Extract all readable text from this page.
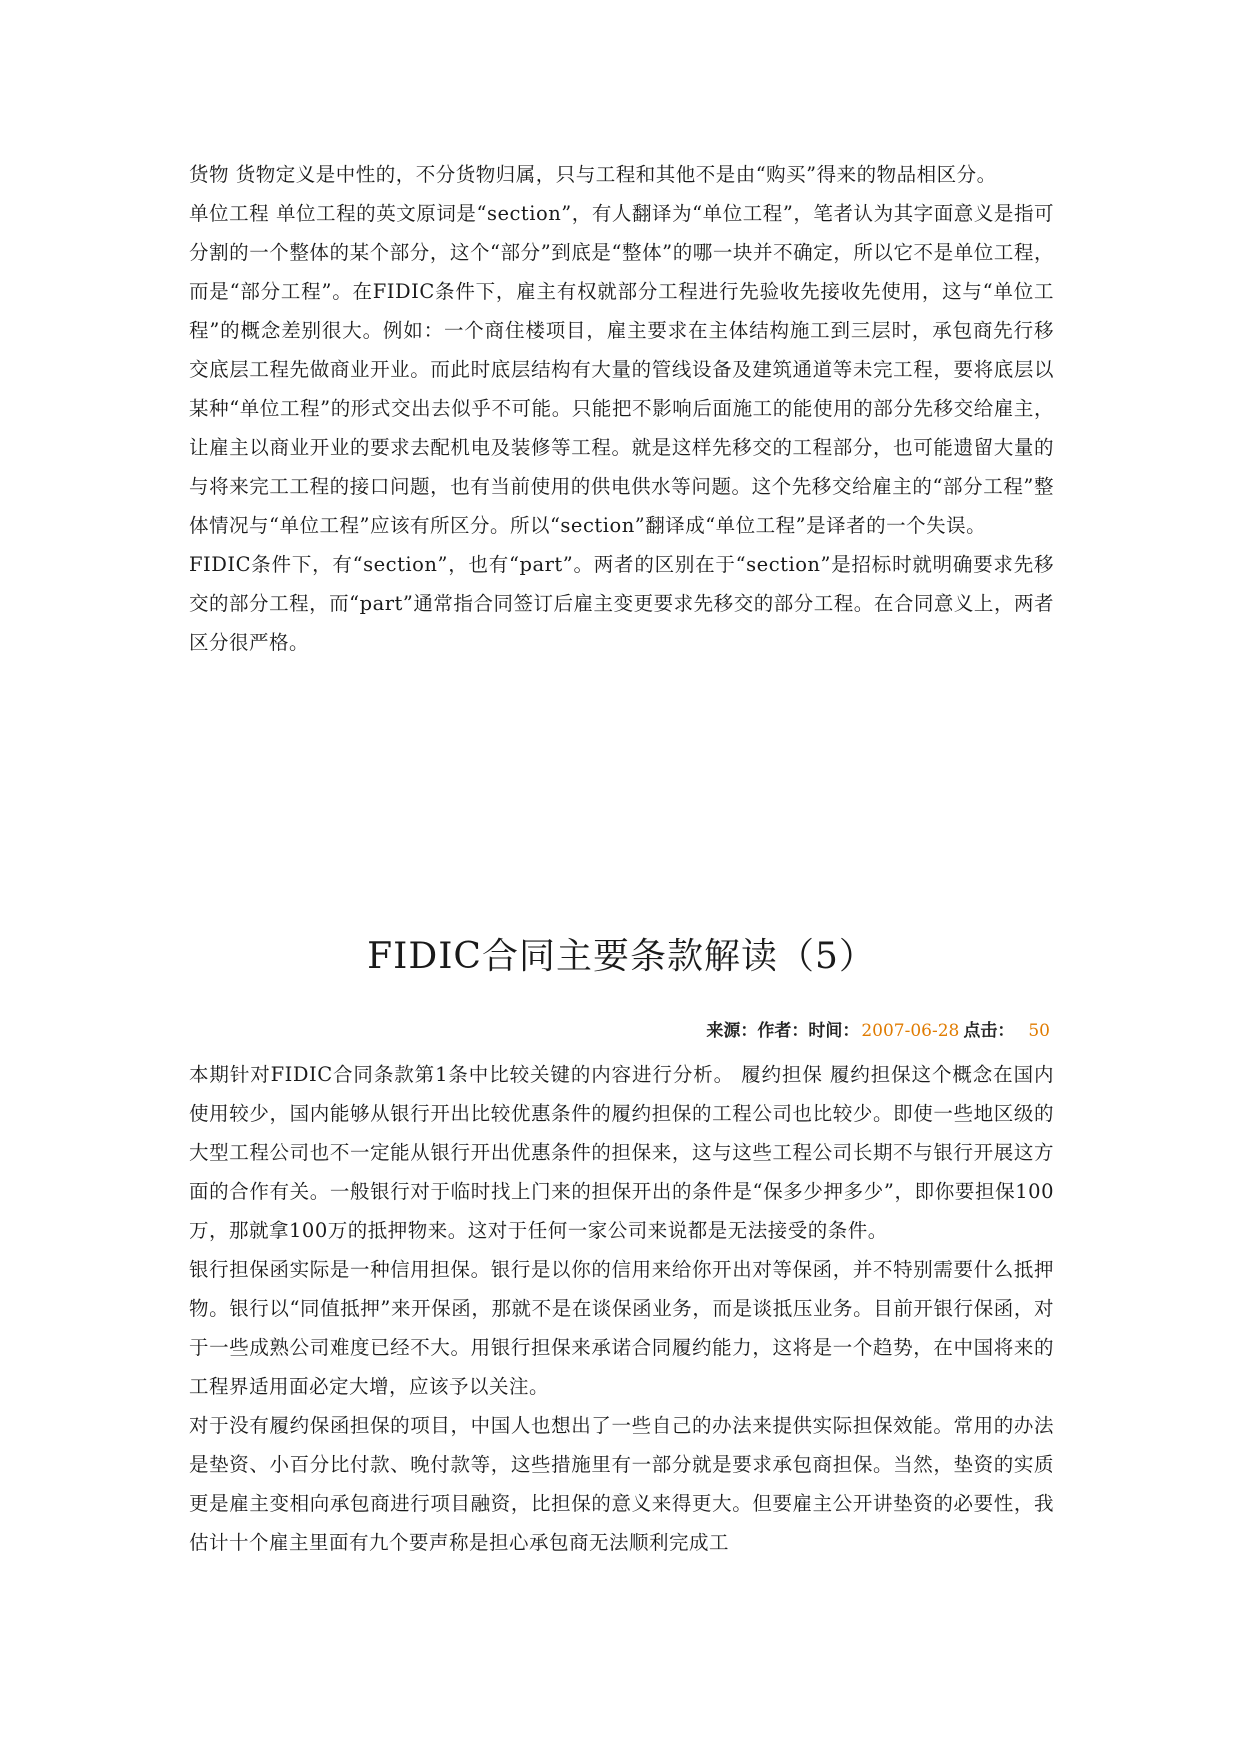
货物 货物定义是中性的，不分货物归属，只与工程和其他不是由“购买”得来的物品相区分。

单位工程 单位工程的英文原词是“section”，有人翻译为“单位工程”，笔者认为其字面意义是指可分割的一个整体的某个部分，这个“部分”到底是“整体”的哪一块并不确定，所以它不是单位工程，而是“部分工程”。在FIDIC条件下，雇主有权就部分工程进行先验收先接收先使用，这与“单位工程”的概念差别很大。例如：一个商住楼项目，雇主要求在主体结构施工到三层时，承包商先行移交底层工程先做商业开业。而此时底层结构有大量的管线设备及建筑通道等未完工程，要将底层以某种“单位工程”的形式交出去似乎不可能。只能把不影响后面施工的能使用的部分先移交给雇主，让雇主以商业开业的要求去配机电及装修等工程。就是这样先移交的工程部分，也可能遗留大量的与将来完工工程的接口问题，也有当前使用的供电供水等问题。这个先移交给雇主的“部分工程”整体情况与“单位工程”应该有所区分。所以“section”翻译成“单位工程”是译者的一个失误。

FIDIC条件下，有“section”，也有“part”。两者的区别在于“section”是招标时就明确要求先移交的部分工程，而“part”通常指合同签订后雇主变更要求先移交的部分工程。在合同意义上，两者区分很严格。

FIDIC合同主要条款解读（5）
来源：作者：时间： 2007-06-28 点击： 50

本期针对FIDIC合同条款第1条中比较关键的内容进行分析。 履约担保 履约担保这个概念在国内使用较少，国内能够从银行开出比较优惠条件的履约担保的工程公司也比较少。即使一些地区级的大型工程公司也不一定能从银行开出优惠条件的担保来，这与这些工程公司长期不与银行开展这方面的合作有关。一般银行对于临时找上门来的担保开出的条件是“保多少押多少”，即你要担保100万，那就拿100万的抵押物来。这对于任何一家公司来说都是无法接受的条件。

银行担保函实际是一种信用担保。银行是以你的信用来给你开出对等保函，并不特别需要什么抵押物。银行以“同值抵押”来开保函，那就不是在谈保函业务，而是谈抵压业务。目前开银行保函，对于一些成熟公司难度已经不大。用银行担保来承诺合同履约能力，这将是一个趋势，在中国将来的工程界适用面必定大增，应该予以关注。

对于没有履约保函担保的项目，中国人也想出了一些自己的办法来提供实际担保效能。常用的办法是垫资、小百分比付款、晚付款等，这些措施里有一部分就是要求承包商担保。当然，垫资的实质更是雇主变相向承包商进行项目融资，比担保的意义来得更大。但要雇主公开讲垫资的必要性，我估计十个雇主里面有九个要声称是担心承包商无法顺利完成工
